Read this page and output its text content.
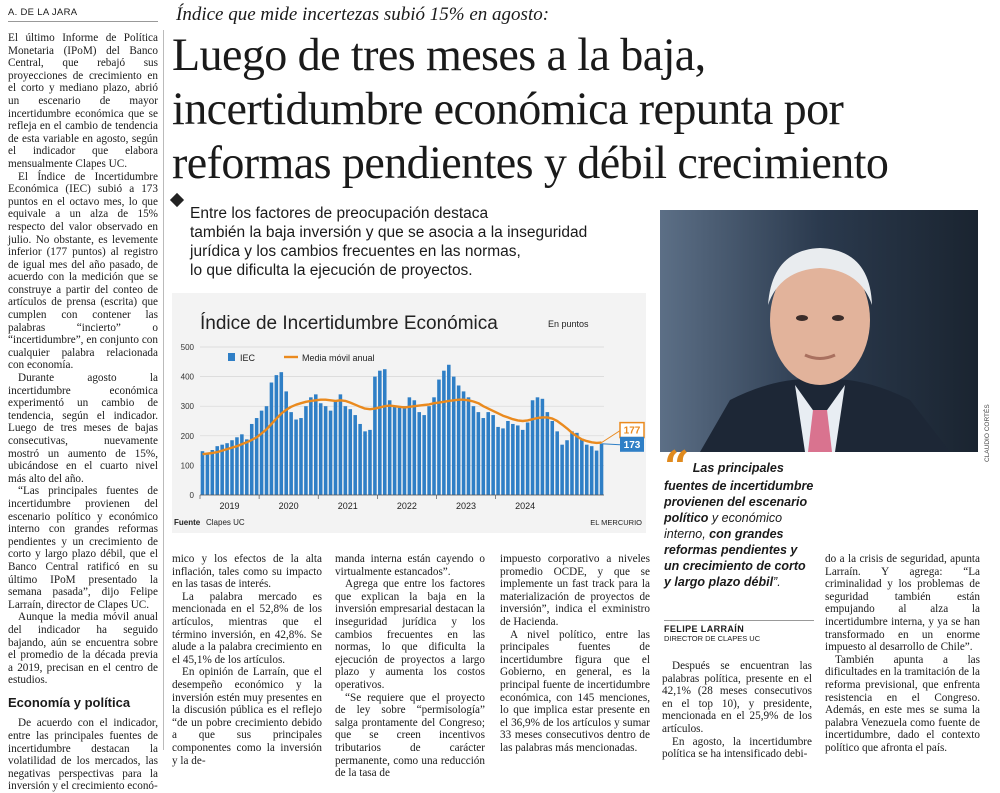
A. DE LA JARA	Índice que mide incertezas subió 15% en agosto:
Luego de tres meses a la baja,
incertidumbre económica repunta por
reformas pendientes y débil crecimiento

El último Informe de Política Monetaria (IPoM) del Banco Central, que rebajó sus proyecciones de crecimiento en el corto y mediano plazo, abrió un escenario de mayor incertidumbre económica que se refleja en el cambio de tendencia de esta variable en agosto, según el indicador que elabora mensualmente Clapes UC.

El Índice de Incertidumbre Económica (IEC) subió a 173 puntos en el octavo mes, lo que equivale a un alza de 15% respecto del valor observado en julio. No obstante, es levemente inferior (177 puntos) al registro de igual mes del año pasado, de acuerdo con la medición que se construye a partir del conteo de artículos de prensa (escrita) que cumplen con contener las palabras “incierto” o “incertidumbre”, en conjunto con cualquier palabra relacionada con economía.

Durante agosto la incertidumbre económica experimentó un cambio de tendencia, según el indicador. Luego de tres meses de bajas consecutivas, nuevamente mostró un aumento de 15%, ubicándose en el cuarto nivel más alto del año.

“Las principales fuentes de incertidumbre provienen del escenario político y económico interno con grandes reformas pendientes y un crecimiento de corto y largo plazo débil, que el Banco Central ratificó en su último IPoM presentado la semana pasada”, dijo Felipe Larraín, director de Clapes UC.

Aunque la media móvil anual del indicador ha seguido bajando, aún se encuentra sobre el promedio de la década previa a 2019, precisan en el centro de estudios.

Economía y política

De acuerdo con el indicador, entre las principales fuentes de incertidumbre destacan la volatilidad de los mercados, las negativas perspectivas para la inversión y el crecimiento econó-

Entre los factores de preocupación destaca
también la baja inversión y que se asocia a la inseguridad
jurídica y los cambios frecuentes en las normas,
lo que dificulta la ejecución de proyectos.
Índice de Incertidumbre Económica	En puntos
0
100
200
300
400
500
2019	2020	2021	2022	2023	2024
IEC	Media móvil anual
177
173
Fuente Clapes UC	EL MERCURIO
CLAUDIO CORTÉS
“ Las principales fuentes de incertidumbre provienen del escenario político y económico interno, con grandes reformas pendientes y un crecimiento de corto y largo plazo débil”.
FELIPE LARRAÍN
DIRECTOR DE CLAPES UC

mico y los efectos de la alta inflación, tales como su impacto en las tasas de interés.

La palabra mercado es mencionada en el 52,8% de los artículos, mientras que el término inversión, en 42,8%. Se alude a la palabra crecimiento en el 45,1% de los artículos.

En opinión de Larraín, que el desempeño económico y la inversión estén muy presentes en la discusión pública es el reflejo “de un pobre crecimiento debido a que sus principales componentes como la inversión y la de-

manda interna están cayendo o virtualmente estancados”.

Agrega que entre los factores que explican la baja en la inversión empresarial destacan la inseguridad jurídica y los cambios frecuentes en las normas, lo que dificulta la ejecución de proyectos a largo plazo y aumenta los costos operativos.

“Se requiere que el proyecto de ley sobre “permisología” salga prontamente del Congreso; que se creen incentivos tributarios de carácter permanente, como una reducción de la tasa de

impuesto corporativo a niveles promedio OCDE, y que se implemente un fast track para la materialización de proyectos de inversión”, indica el exministro de Hacienda.

A nivel político, entre las principales fuentes de incertidumbre figura que el Gobierno, en general, es la principal fuente de incertidumbre económica, con 145 menciones, lo que implica estar presente en el 36,9% de los artículos y sumar 33 meses consecutivos dentro de las palabras más mencionadas.

Después se encuentran las palabras política, presente en el 42,1% (28 meses consecutivos en el top 10), y presidente, mencionada en el 25,9% de los artículos.

En agosto, la incertidumbre política se ha intensificado debi-

do a la crisis de seguridad, apunta Larraín. Y agrega: “La criminalidad y los problemas de seguridad también están empujando al alza la incertidumbre interna, y ya se han transformado en un enorme impuesto al desarrollo de Chile”.

También apunta a las dificultades en la tramitación de la reforma previsional, que enfrenta resistencia en el Congreso. Además, en este mes se suma la palabra Venezuela como fuente de incertidumbre, dado el contexto político que afronta el país.
